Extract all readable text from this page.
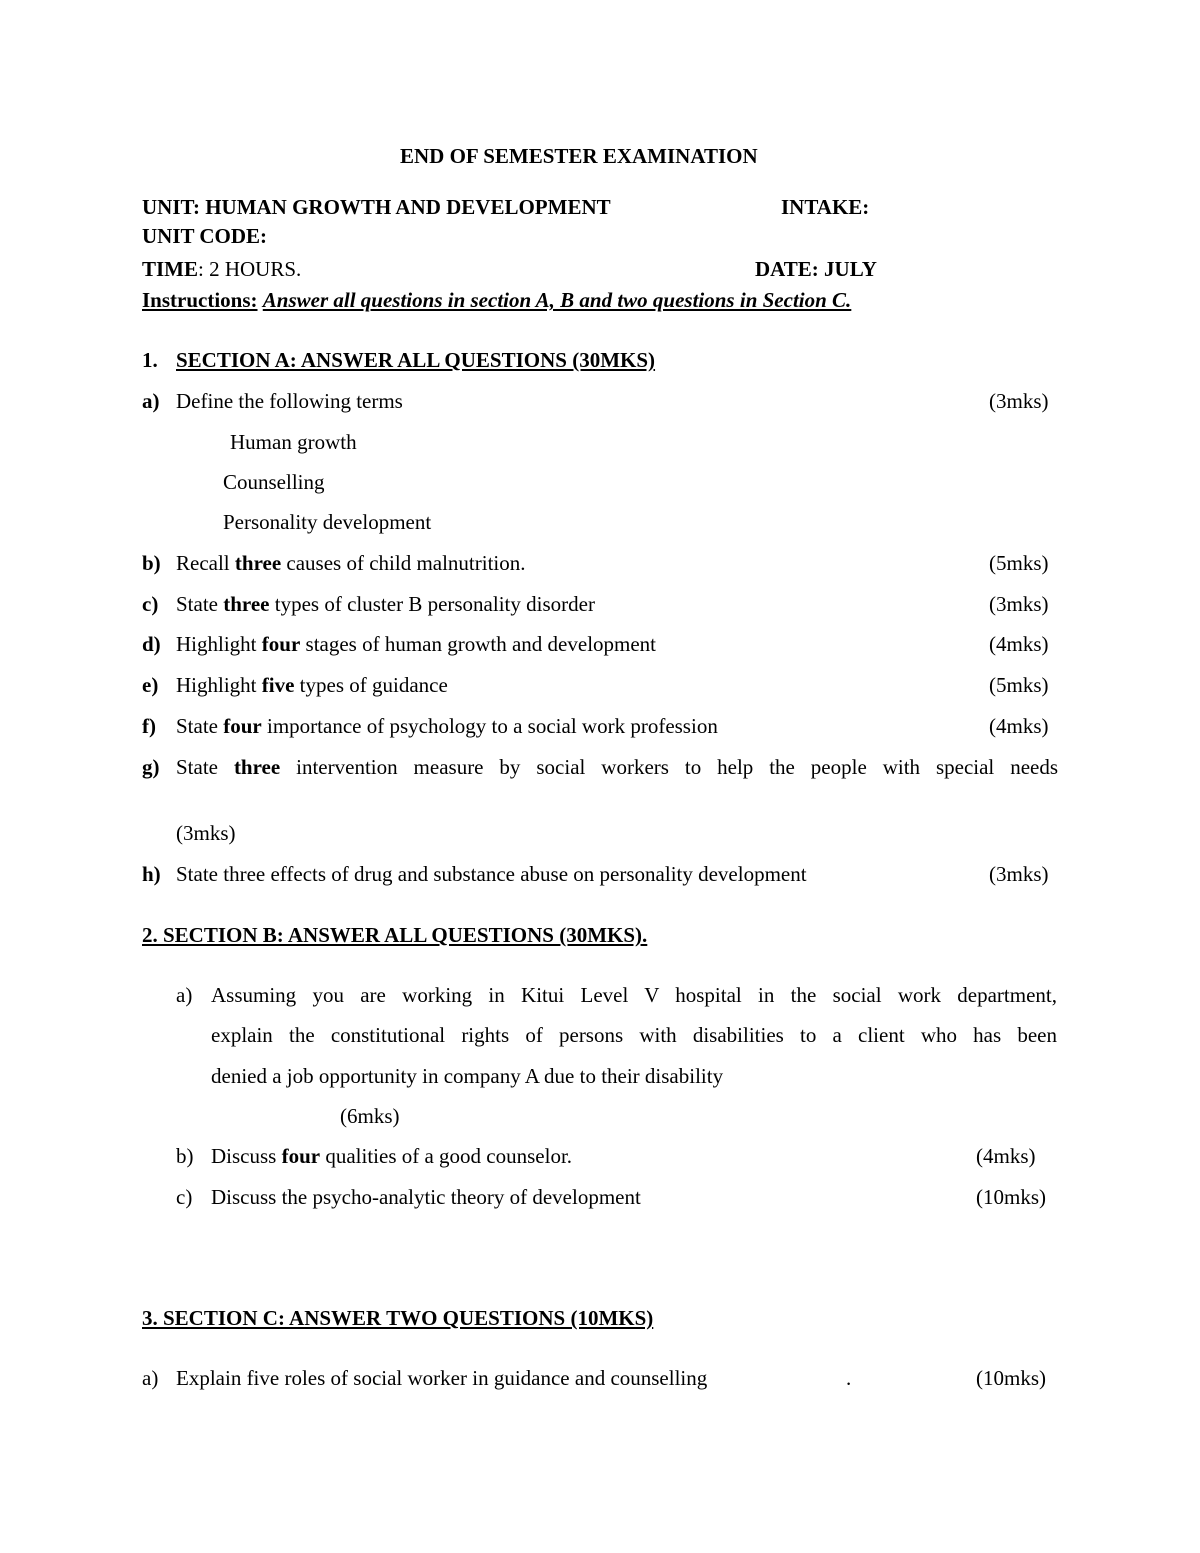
END OF SEMESTER EXAMINATION
UNIT: HUMAN GROWTH AND DEVELOPMENT	INTAKE:
UNIT CODE:
TIME: 2 HOURS.	DATE: JULY
Instructions: Answer all questions in section A, B and two questions in Section C.
1. SECTION A: ANSWER ALL QUESTIONS (30MKS)
a) Define the following terms	(3mks)
Human growth
Counselling
Personality development
b) Recall three causes of child malnutrition.	(5mks)
c) State three types of cluster B personality disorder	(3mks)
d) Highlight four stages of human growth and development	(4mks)
e) Highlight five types of guidance	(5mks)
f) State four importance of psychology to a social work profession	(4mks)
g) State three intervention measure by social workers to help the people with special needs
(3mks)
h) State three effects of drug and substance abuse on personality development	(3mks)
2. SECTION B: ANSWER ALL QUESTIONS (30MKS).
a) Assuming you are working in Kitui Level V hospital in the social work department,
explain the constitutional rights of persons with disabilities to a client who has been
denied a job opportunity in company A due to their disability
(6mks)
b) Discuss four qualities of a good counselor.	(4mks)
c) Discuss the psycho-analytic theory of development	(10mks)
3. SECTION C: ANSWER TWO QUESTIONS (10MKS)
a) Explain five roles of social worker in guidance and counselling	.	(10mks)
